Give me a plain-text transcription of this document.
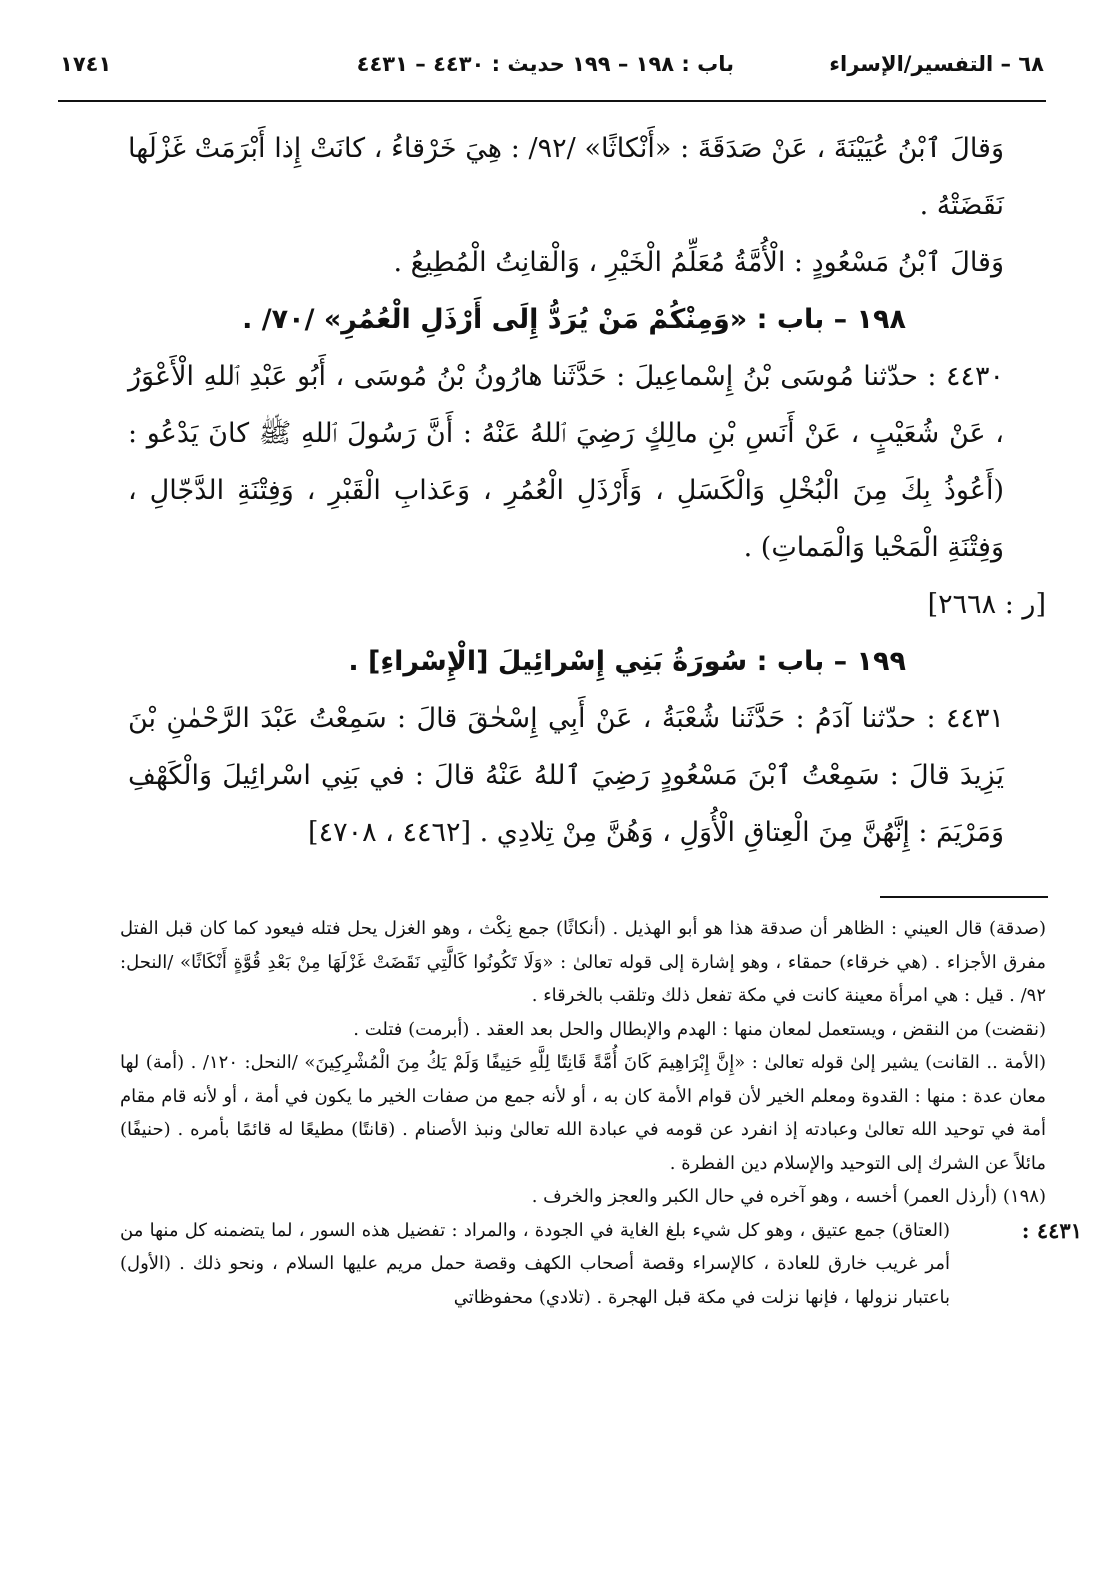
٦٨ – التفسير/الإسراء
باب : ١٩٨ – ١٩٩ حديث : ٤٤٣٠ – ٤٤٣١
١٧٤١

وَقالَ ٱبْنُ عُيَيْنَةَ ، عَنْ صَدَقَةَ : «أَنْكاثًا» /٩٢/ : هِيَ خَرْقاءُ ، كانَتْ إِذا أَبْرَمَتْ غَزْلَها نَقَضَتْهُ .

وَقالَ ٱبْنُ مَسْعُودٍ : الْأُمَّةُ مُعَلِّمُ الْخَيْرِ ، وَالْقانِتُ الْمُطِيعُ .

١٩٨ – باب : «وَمِنْكُمْ مَنْ يُرَدُّ إِلَى أَرْذَلِ الْعُمُرِ» /٧٠/ .

٤٤٣٠ : حدّثنا مُوسَى بْنُ إِسْماعِيلَ : حَدَّثَنا هارُونُ بْنُ مُوسَى ، أَبُو عَبْدِ ٱللهِ الْأَعْوَرُ ، عَنْ شُعَيْبٍ ، عَنْ أَنَسِ بْنِ مالِكٍ رَضِيَ ٱللهُ عَنْهُ : أَنَّ رَسُولَ ٱللهِ ﷺ كانَ يَدْعُو : (أَعُوذُ بِكَ مِنَ الْبُخْلِ وَالْكَسَلِ ، وَأَرْذَلِ الْعُمُرِ ، وَعَذابِ الْقَبْرِ ، وَفِتْنَةِ الدَّجّالِ ، وَفِتْنَةِ الْمَحْيا وَالْمَماتِ) .

[ر : ٢٦٦٨]

١٩٩ – باب : سُورَةُ بَنِي إِسْرائِيلَ [الْإِسْراءِ] .

٤٤٣١ : حدّثنا آدَمُ : حَدَّثَنا شُعْبَةُ ، عَنْ أَبِي إِسْحٰقَ قالَ : سَمِعْتُ عَبْدَ الرَّحْمٰنِ بْنَ يَزِيدَ قالَ : سَمِعْتُ ٱبْنَ مَسْعُودٍ رَضِيَ ٱللهُ عَنْهُ قالَ : في بَنِي اسْرائِيلَ وَالْكَهْفِ وَمَرْيَمَ : إِنَّهُنَّ مِنَ الْعِتاقِ الْأُوَلِ ، وَهُنَّ مِنْ تِلادِي . [٤٤٦٢ ، ٤٧٠٨]

(صدقة) قال العيني : الظاهر أن صدقة هذا هو أبو الهذيل . (أنكاثًا) جمع نِكْث ، وهو الغزل يحل فتله فيعود كما كان قبل الفتل مفرق الأجزاء . (هي خرقاء) حمقاء ، وهو إشارة إلى قوله تعالىٰ : «وَلَا تَكُونُوا كَالَّتِي نَقَضَتْ غَزْلَهَا مِنْ بَعْدِ قُوَّةٍ أَنْكَاثًا» /النحل: ٩٢/ . قيل : هي امرأة معينة كانت في مكة تفعل ذلك وتلقب بالخرقاء .

(نقضت) من النقض ، ويستعمل لمعان منها : الهدم والإبطال والحل بعد العقد . (أبرمت) فتلت .

(الأمة .. القانت) يشير إلىٰ قوله تعالىٰ : «إِنَّ إِبْرَاهِيمَ كَانَ أُمَّةً قَانِتًا لِلَّهِ حَنِيفًا وَلَمْ يَكُ مِنَ الْمُشْرِكِينَ» /النحل: ١٢٠/ . (أمة) لها معان عدة : منها : القدوة ومعلم الخير لأن قوام الأمة كان به ، أو لأنه جمع من صفات الخير ما يكون في أمة ، أو لأنه قام مقام أمة في توحيد الله تعالىٰ وعبادته إذ انفرد عن قومه في عبادة الله تعالىٰ ونبذ الأصنام . (قانتًا) مطيعًا له قائمًا بأمره . (حنيفًا) مائلاً عن الشرك إلى التوحيد والإسلام دين الفطرة .

(١٩٨) (أرذل العمر) أخسه ، وهو آخره في حال الكبر والعجز والخرف .

٤٤٣١ :
(العتاق) جمع عتيق ، وهو كل شيء بلغ الغاية في الجودة ، والمراد : تفضيل هذه السور ، لما يتضمنه كل منها من أمر غريب خارق للعادة ، كالإسراء وقصة أصحاب الكهف وقصة حمل مريم عليها السلام ، ونحو ذلك . (الأول) باعتبار نزولها ، فإنها نزلت في مكة قبل الهجرة . (تلادي) محفوظاتي
